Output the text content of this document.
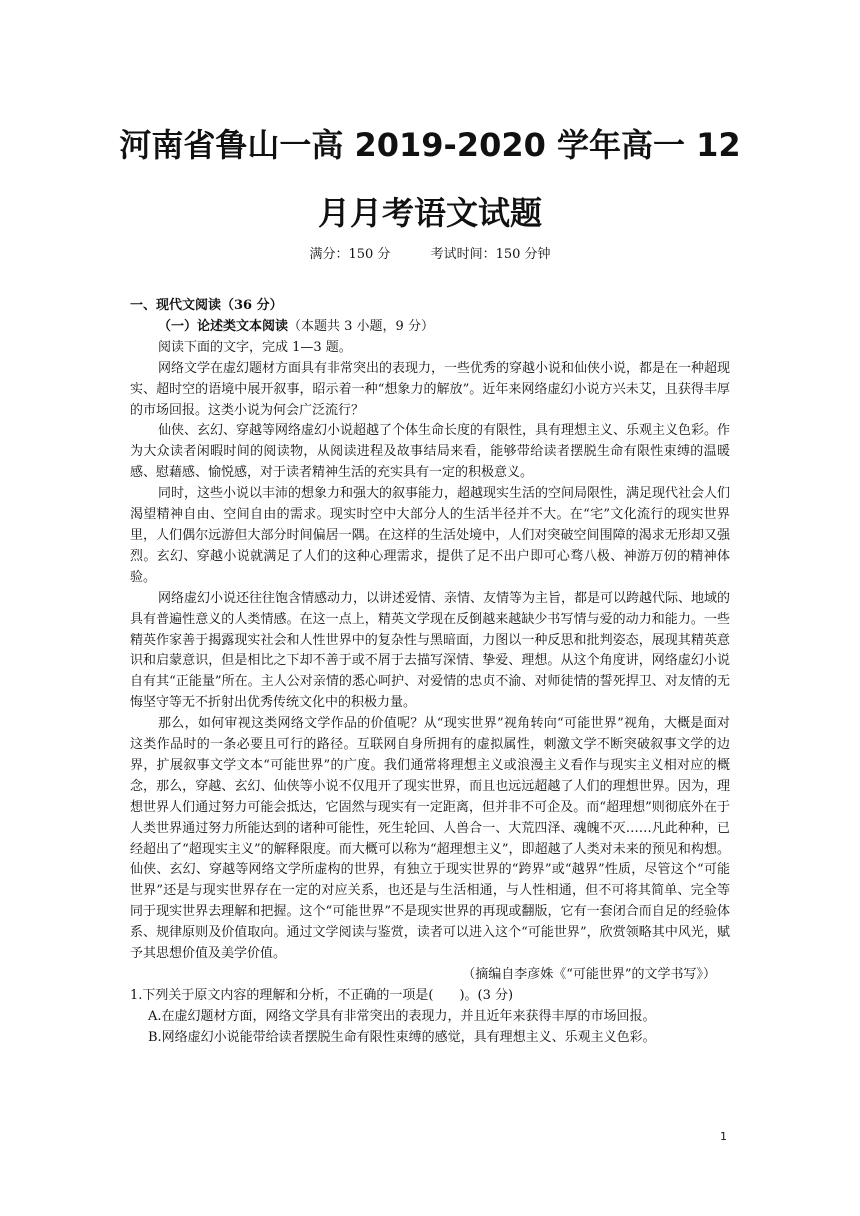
河南省鲁山一高 2019-2020 学年高一 12
月月考语文试题
满分：150 分	考试时间：150 分钟

一、现代文阅读（36 分）

（一）论述类文本阅读（本题共 3 小题，9 分）

阅读下面的文字，完成 1—3 题。

网络文学在虚幻题材方面具有非常突出的表现力，一些优秀的穿越小说和仙侠小说，都是在一种超现实、超时空的语境中展开叙事，昭示着一种“想象力的解放”。近年来网络虚幻小说方兴未艾，且获得丰厚的市场回报。这类小说为何会广泛流行？

仙侠、玄幻、穿越等网络虚幻小说超越了个体生命长度的有限性，具有理想主义、乐观主义色彩。作为大众读者闲暇时间的阅读物，从阅读进程及故事结局来看，能够带给读者摆脱生命有限性束缚的温暖感、慰藉感、愉悦感，对于读者精神生活的充实具有一定的积极意义。

同时，这些小说以丰沛的想象力和强大的叙事能力，超越现实生活的空间局限性，满足现代社会人们渴望精神自由、空间自由的需求。现实时空中大部分人的生活半径并不大。在“宅”文化流行的现实世界里，人们偶尔远游但大部分时间偏居一隅。在这样的生活处境中，人们对突破空间围障的渴求无形却又强烈。玄幻、穿越小说就满足了人们的这种心理需求，提供了足不出户即可心骛八极、神游万仞的精神体验。

网络虚幻小说还往往饱含情感动力，以讲述爱情、亲情、友情等为主旨，都是可以跨越代际、地域的具有普遍性意义的人类情感。在这一点上，精英文学现在反倒越来越缺少书写情与爱的动力和能力。一些精英作家善于揭露现实社会和人性世界中的复杂性与黑暗面，力图以一种反思和批判姿态，展现其精英意识和启蒙意识，但是相比之下却不善于或不屑于去描写深情、挚爱、理想。从这个角度讲，网络虚幻小说自有其“正能量”所在。主人公对亲情的悉心呵护、对爱情的忠贞不渝、对师徒情的誓死捍卫、对友情的无悔坚守等无不折射出优秀传统文化中的积极力量。

那么，如何审视这类网络文学作品的价值呢？从“现实世界”视角转向“可能世界”视角，大概是面对这类作品时的一条必要且可行的路径。互联网自身所拥有的虚拟属性，刺激文学不断突破叙事文学的边界，扩展叙事文学文本“可能世界”的广度。我们通常将理想主义或浪漫主义看作与现实主义相对应的概念，那么，穿越、玄幻、仙侠等小说不仅甩开了现实世界，而且也远远超越了人们的理想世界。因为，理想世界人们通过努力可能会抵达，它固然与现实有一定距离，但并非不可企及。而“超理想”则彻底外在于人类世界通过努力所能达到的诸种可能性，死生轮回、人兽合一、大荒四泽、魂魄不灭……凡此种种，已经超出了“超现实主义”的解释限度。而大概可以称为“超理想主义”，即超越了人类对未来的预见和构想。仙侠、玄幻、穿越等网络文学所虚构的世界，有独立于现实世界的“跨界”或“越界”性质，尽管这个“可能世界”还是与现实世界存在一定的对应关系，也还是与生活相通，与人性相通，但不可将其简单、完全等同于现实世界去理解和把握。这个“可能世界”不是现实世界的再现或翻版，它有一套闭合而自足的经验体系、规律原则及价值取向。通过文学阅读与鉴赏，读者可以进入这个“可能世界”，欣赏领略其中风光，赋予其思想价值及美学价值。

（摘编自李彦姝《“可能世界”的文学书写》）

1.下列关于原文内容的理解和分析，不正确的一项是(　　)。(3 分)

A.在虚幻题材方面，网络文学具有非常突出的表现力，并且近年来获得丰厚的市场回报。

B.网络虚幻小说能带给读者摆脱生命有限性束缚的感觉，具有理想主义、乐观主义色彩。

1
